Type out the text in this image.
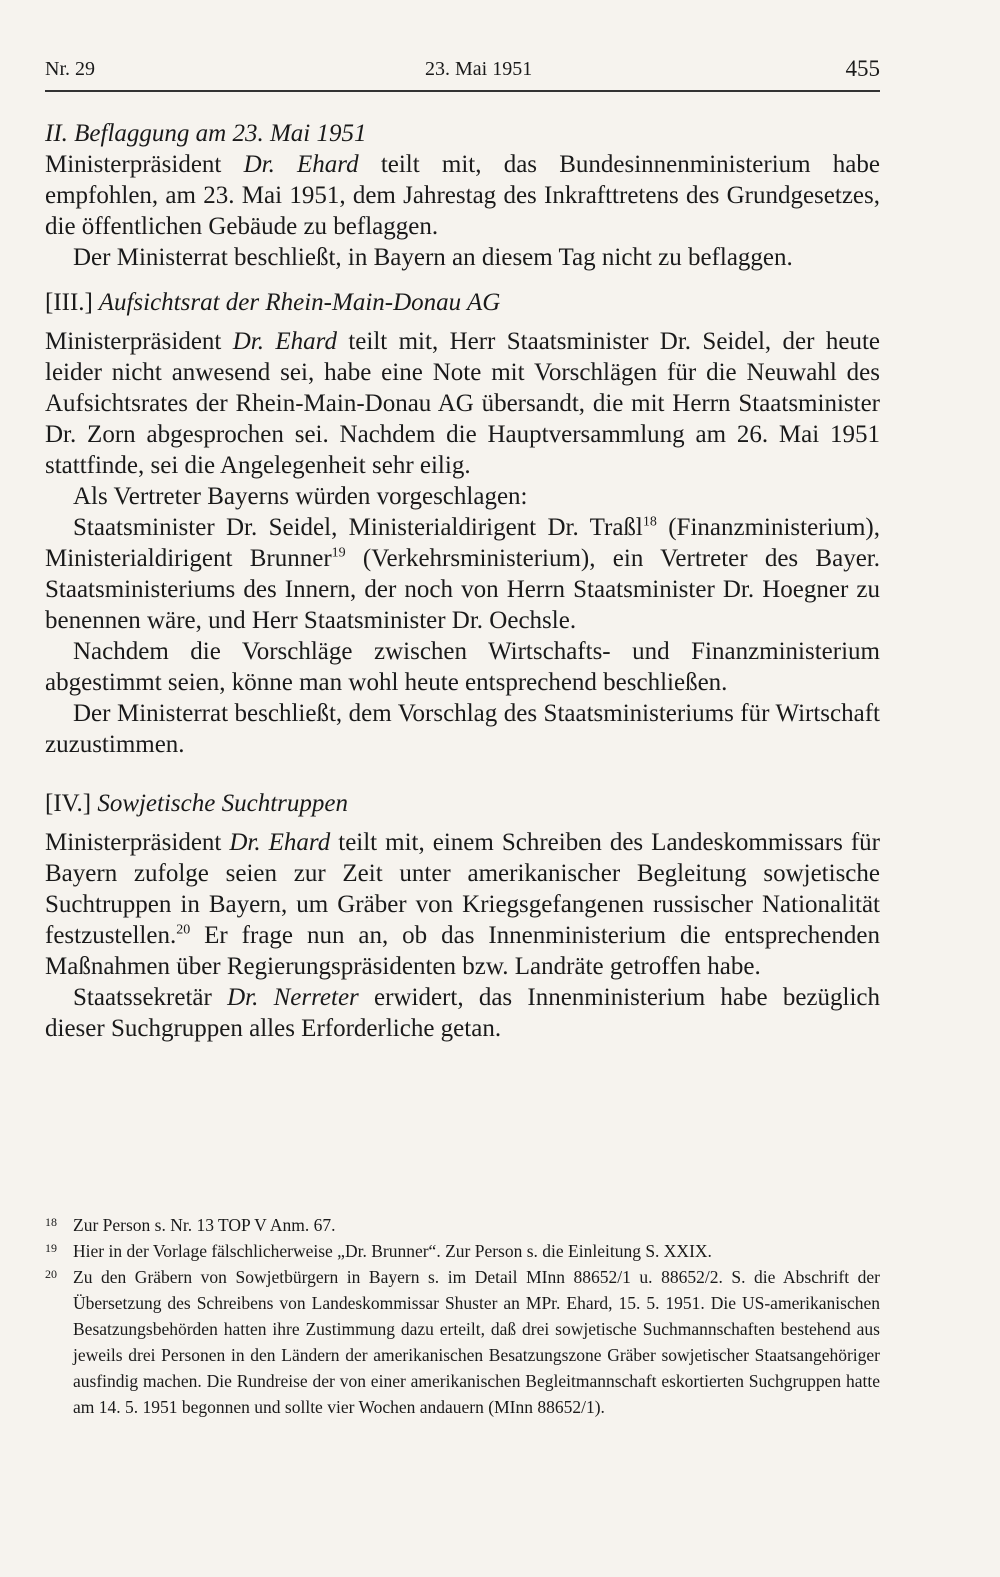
Nr. 29	23. Mai 1951	455

II. Beflaggung am 23. Mai 1951

Ministerpräsident Dr. Ehard teilt mit, das Bundesinnenministerium habe empfohlen, am 23. Mai 1951, dem Jahrestag des Inkrafttretens des Grundgesetzes, die öffentlichen Gebäude zu beflaggen.

Der Ministerrat beschließt, in Bayern an diesem Tag nicht zu beflaggen.

[III.] Aufsichtsrat der Rhein-Main-Donau AG

Ministerpräsident Dr. Ehard teilt mit, Herr Staatsminister Dr. Seidel, der heute leider nicht anwesend sei, habe eine Note mit Vorschlägen für die Neuwahl des Aufsichtsrates der Rhein-Main-Donau AG übersandt, die mit Herrn Staatsminister Dr. Zorn abgesprochen sei. Nachdem die Hauptversammlung am 26. Mai 1951 stattfinde, sei die Angelegenheit sehr eilig.

Als Vertreter Bayerns würden vorgeschlagen:

Staatsminister Dr. Seidel, Ministerialdirigent Dr. Traßl$^{18}$ (Finanzministerium), Ministerialdirigent Brunner$^{19}$ (Verkehrsministerium), ein Vertreter des Bayer. Staatsministeriums des Innern, der noch von Herrn Staatsminister Dr. Hoegner zu benennen wäre, und Herr Staatsminister Dr. Oechsle.

Nachdem die Vorschläge zwischen Wirtschafts- und Finanzministerium abgestimmt seien, könne man wohl heute entsprechend beschließen.

Der Ministerrat beschließt, dem Vorschlag des Staatsministeriums für Wirtschaft zuzustimmen.

[IV.] Sowjetische Suchtruppen

Ministerpräsident Dr. Ehard teilt mit, einem Schreiben des Landeskommissars für Bayern zufolge seien zur Zeit unter amerikanischer Begleitung sowjetische Suchtruppen in Bayern, um Gräber von Kriegsgefangenen russischer Nationalität festzustellen.$^{20}$ Er frage nun an, ob das Innenministerium die entsprechenden Maßnahmen über Regierungspräsidenten bzw. Landräte getroffen habe.

Staatssekretär Dr. Nerreter erwidert, das Innenministerium habe bezüglich dieser Suchgruppen alles Erforderliche getan.

18 Zur Person s. Nr. 13 TOP V Anm. 67.
19 Hier in der Vorlage fälschlicherweise „Dr. Brunner“. Zur Person s. die Einleitung S. XXIX.
20 Zu den Gräbern von Sowjetbürgern in Bayern s. im Detail MInn 88652/1 u. 88652/2. S. die Abschrift der Übersetzung des Schreibens von Landeskommissar Shuster an MPr. Ehard, 15. 5. 1951. Die US-amerikanischen Besatzungsbehörden hatten ihre Zustimmung dazu erteilt, daß drei sowjetische Suchmannschaften bestehend aus jeweils drei Personen in den Ländern der amerikanischen Besatzungszone Gräber sowjetischer Staatsangehöriger ausfindig machen. Die Rundreise der von einer amerikanischen Begleitmannschaft eskortierten Suchgruppen hatte am 14. 5. 1951 begonnen und sollte vier Wochen andauern (MInn 88652/1).
